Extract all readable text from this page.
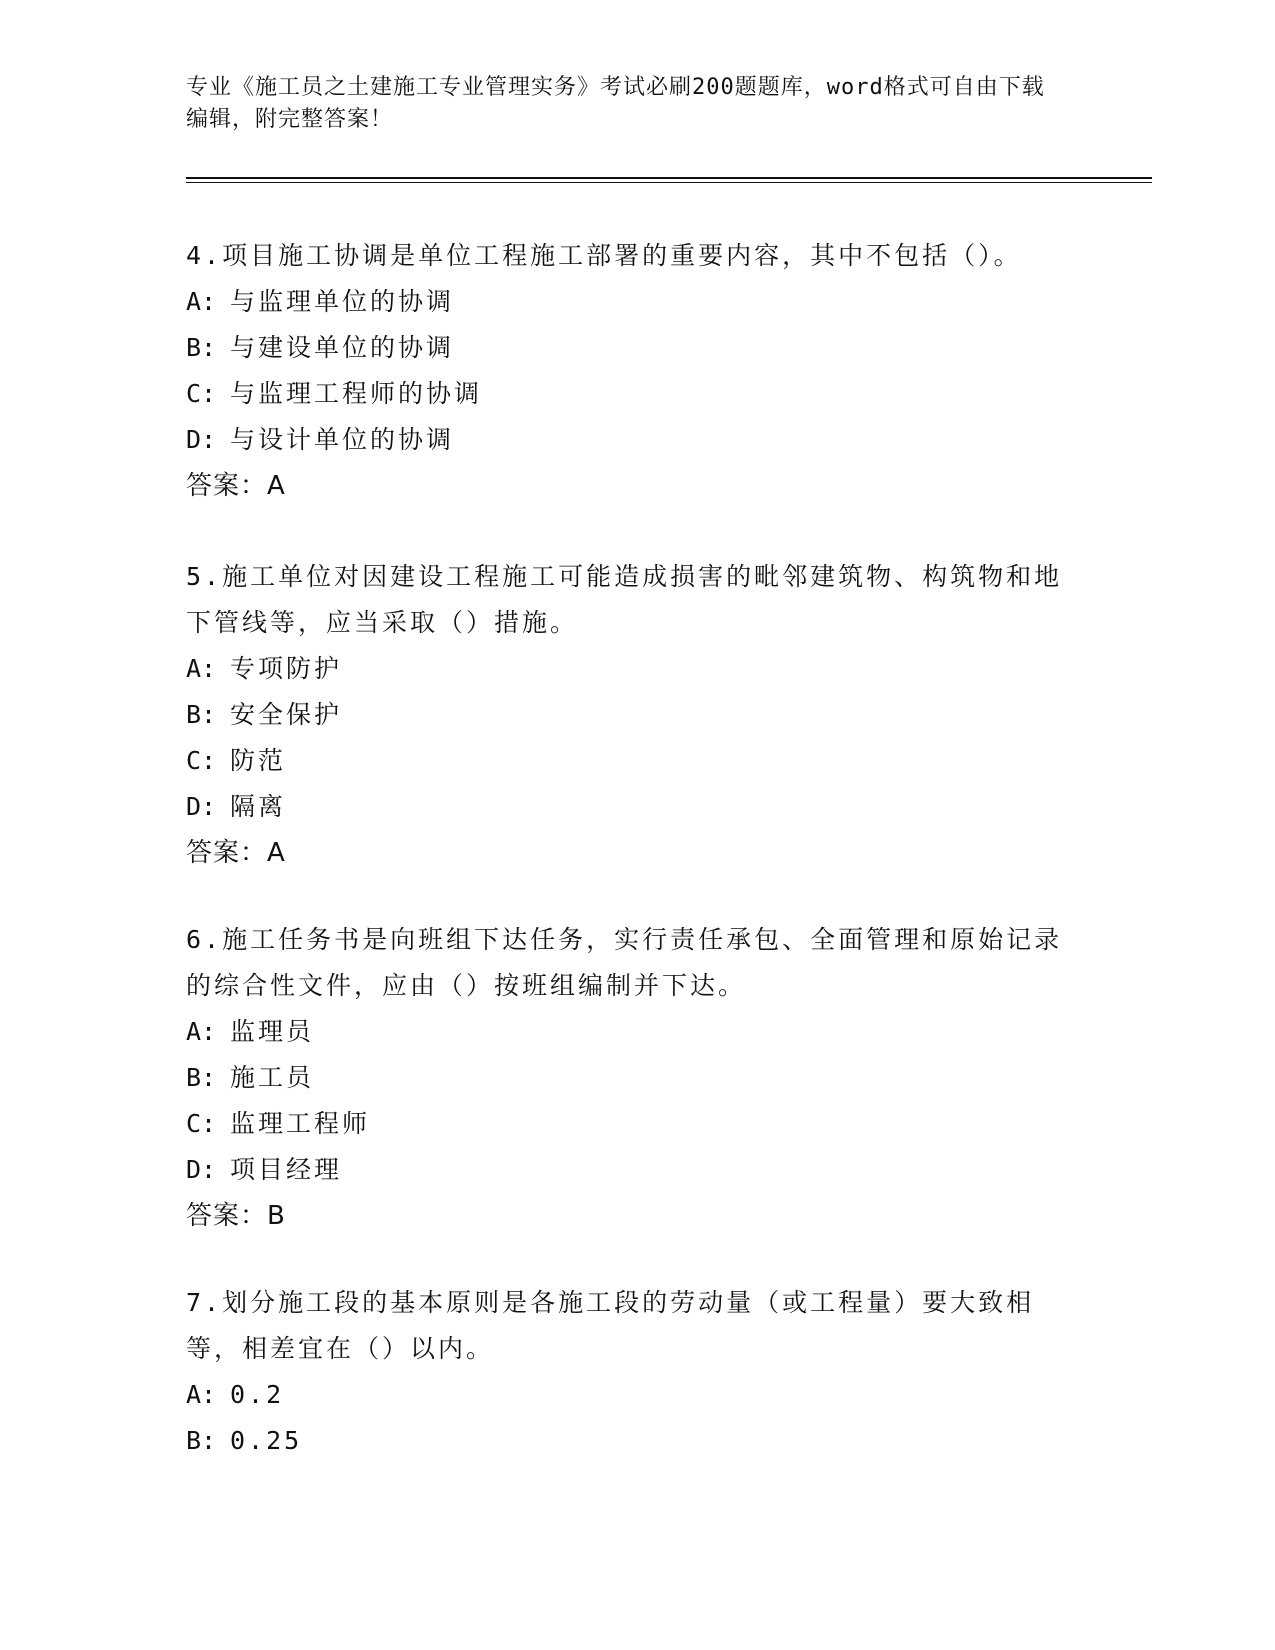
专业《施工员之土建施工专业管理实务》考试必刷200题题库，word格式可自由下载编辑，附完整答案！

4.项目施工协调是单位工程施工部署的重要内容，其中不包括（）。

A: 与监理单位的协调

B: 与建设单位的协调

C: 与监理工程师的协调

D: 与设计单位的协调

答案：A

5.施工单位对因建设工程施工可能造成损害的毗邻建筑物、构筑物和地下管线等，应当采取（）措施。

A: 专项防护

B: 安全保护

C: 防范

D: 隔离

答案：A

6.施工任务书是向班组下达任务，实行责任承包、全面管理和原始记录的综合性文件，应由（）按班组编制并下达。

A: 监理员

B: 施工员

C: 监理工程师

D: 项目经理

答案：B

7.划分施工段的基本原则是各施工段的劳动量（或工程量）要大致相等，相差宜在（）以内。

A: 0.2

B: 0.25
